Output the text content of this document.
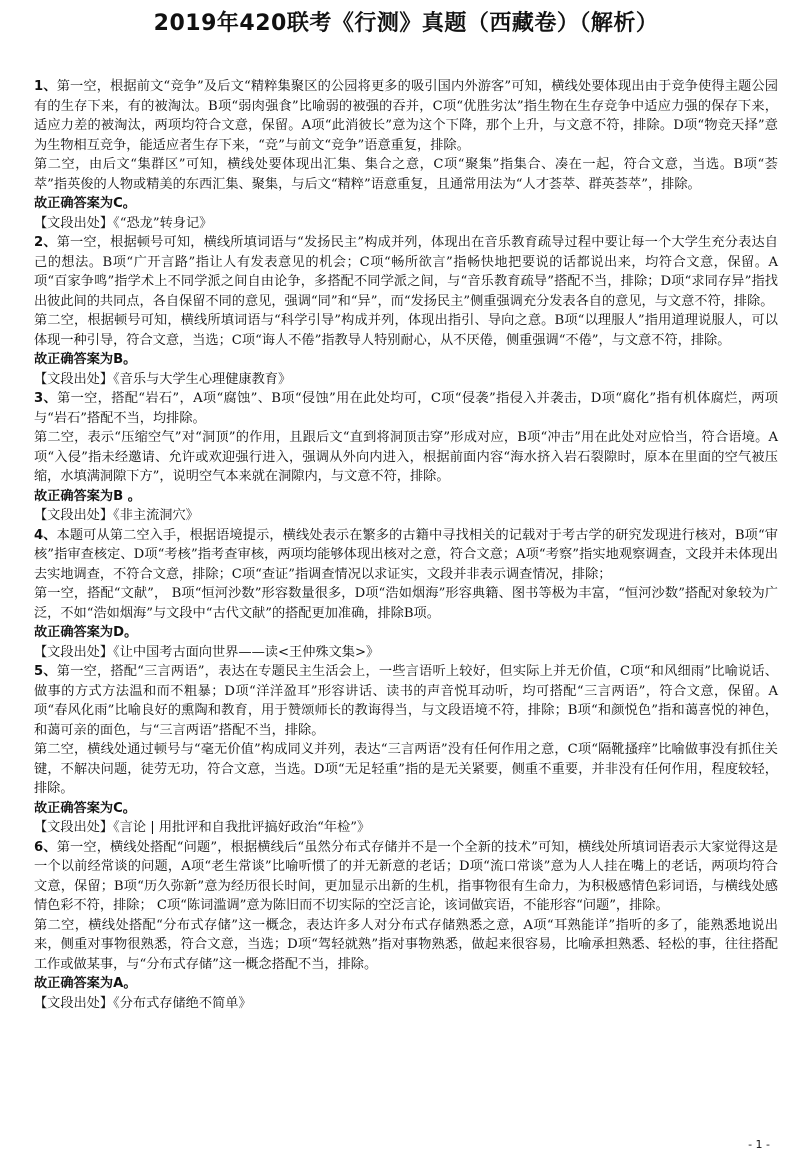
2019年420联考《行测》真题（西藏卷）（解析）

1、第一空，根据前文“竞争”及后文“精粹集聚区的公园将更多的吸引国内外游客”可知，横线处要体现出由于竞争使得主题公园有的生存下来，有的被淘汰。B项“弱肉强食”比喻弱的被强的吞并，C项“优胜劣汰”指生物在生存竞争中适应力强的保存下来，适应力差的被淘汰，两项均符合文意，保留。A项“此消彼长”意为这个下降，那个上升，与文意不符，排除。D项“物竞天择”意为生物相互竞争，能适应者生存下来，“竞”与前文“竞争”语意重复，排除。

第二空，由后文“集群区”可知，横线处要体现出汇集、集合之意，C项“聚集”指集合、凑在一起，符合文意，当选。B项“荟萃”指英俊的人物或精美的东西汇集、聚集，与后文“精粹”语意重复，且通常用法为“人才荟萃、群英荟萃”，排除。

故正确答案为C。

【文段出处】《“恐龙”转身记》

2、第一空，根据顿号可知，横线所填词语与“发扬民主”构成并列，体现出在音乐教育疏导过程中要让每一个大学生充分表达自己的想法。B项“广开言路”指让人有发表意见的机会；C项“畅所欲言”指畅快地把要说的话都说出来，均符合文意，保留。A项“百家争鸣”指学术上不同学派之间自由论争，多搭配不同学派之间，与“音乐教育疏导”搭配不当，排除；D项“求同存异”指找出彼此间的共同点，各自保留不同的意见，强调“同”和“异”，而“发扬民主”侧重强调充分发表各自的意见，与文意不符，排除。

第二空，根据顿号可知，横线所填词语与“科学引导”构成并列，体现出指引、导向之意。B项“以理服人”指用道理说服人，可以体现一种引导，符合文意，当选；C项“诲人不倦”指教导人特别耐心，从不厌倦，侧重强调“不倦”，与文意不符，排除。

故正确答案为B。

【文段出处】《音乐与大学生心理健康教育》

3、第一空，搭配“岩石”，A项“腐蚀”、B项“侵蚀”用在此处均可，C项“侵袭”指侵入并袭击，D项“腐化”指有机体腐烂，两项与“岩石”搭配不当，均排除。

第二空，表示“压缩空气”对“洞顶”的作用，且跟后文“直到将洞顶击穿”形成对应，B项“冲击”用在此处对应恰当，符合语境。A项“入侵”指未经邀请、允许或欢迎强行进入，强调从外向内进入，根据前面内容“海水挤入岩石裂隙时，原本在里面的空气被压缩，水填满洞隙下方”，说明空气本来就在洞隙内，与文意不符，排除。

故正确答案为B 。

【文段出处】《非主流洞穴》

4、本题可从第二空入手，根据语境提示，横线处表示在繁多的古籍中寻找相关的记载对于考古学的研究发现进行核对，B项“审核”指审查核定、D项“考核”指考查审核，两项均能够体现出核对之意，符合文意；A项“考察”指实地观察调查，文段并未体现出去实地调查，不符合文意，排除；C项“查证”指调查情况以求证实，文段并非表示调查情况，排除；

第一空，搭配“文献”， B项“恒河沙数”形容数量很多，D项“浩如烟海”形容典籍、图书等极为丰富，“恒河沙数”搭配对象较为广泛，不如“浩如烟海”与文段中“古代文献”的搭配更加准确，排除B项。

故正确答案为D。

【文段出处】《让中国考古面向世界——读<王仲殊文集>》

5、第一空，搭配“三言两语”，表达在专题民主生活会上，一些言语听上较好，但实际上并无价值，C项“和风细雨”比喻说话、做事的方式方法温和而不粗暴；D项“洋洋盈耳”形容讲话、读书的声音悦耳动听，均可搭配“三言两语”，符合文意，保留。A项“春风化雨”比喻良好的熏陶和教育，用于赞颂师长的教诲得当，与文段语境不符，排除；B项“和颜悦色”指和蔼喜悦的神色，和蔼可亲的面色，与“三言两语”搭配不当，排除。

第二空，横线处通过顿号与“毫无价值”构成同义并列，表达“三言两语”没有任何作用之意，C项“隔靴搔痒”比喻做事没有抓住关键，不解决问题，徒劳无功，符合文意，当选。D项“无足轻重”指的是无关紧要，侧重不重要，并非没有任何作用，程度较轻，排除。

故正确答案为C。

【文段出处】《言论 | 用批评和自我批评搞好政治“年检”》

6、第一空，横线处搭配“问题”，根据横线后“虽然分布式存储并不是一个全新的技术”可知，横线处所填词语表示大家觉得这是一个以前经常谈的问题，A项“老生常谈”比喻听惯了的并无新意的老话；D项“流口常谈”意为人人挂在嘴上的老话，两项均符合文意，保留；B项“历久弥新”意为经历很长时间，更加显示出新的生机，指事物很有生命力，为积极感情色彩词语，与横线处感情色彩不符，排除； C项“陈词滥调”意为陈旧而不切实际的空泛言论，该词做宾语，不能形容“问题”，排除。

第二空，横线处搭配“分布式存储”这一概念，表达许多人对分布式存储熟悉之意，A项“耳熟能详”指听的多了，能熟悉地说出来，侧重对事物很熟悉，符合文意，当选；D项“驾轻就熟”指对事物熟悉，做起来很容易，比喻承担熟悉、轻松的事，往往搭配工作或做某事，与“分布式存储”这一概念搭配不当，排除。

故正确答案为A。

【文段出处】《分布式存储绝不简单》

- 1 -
